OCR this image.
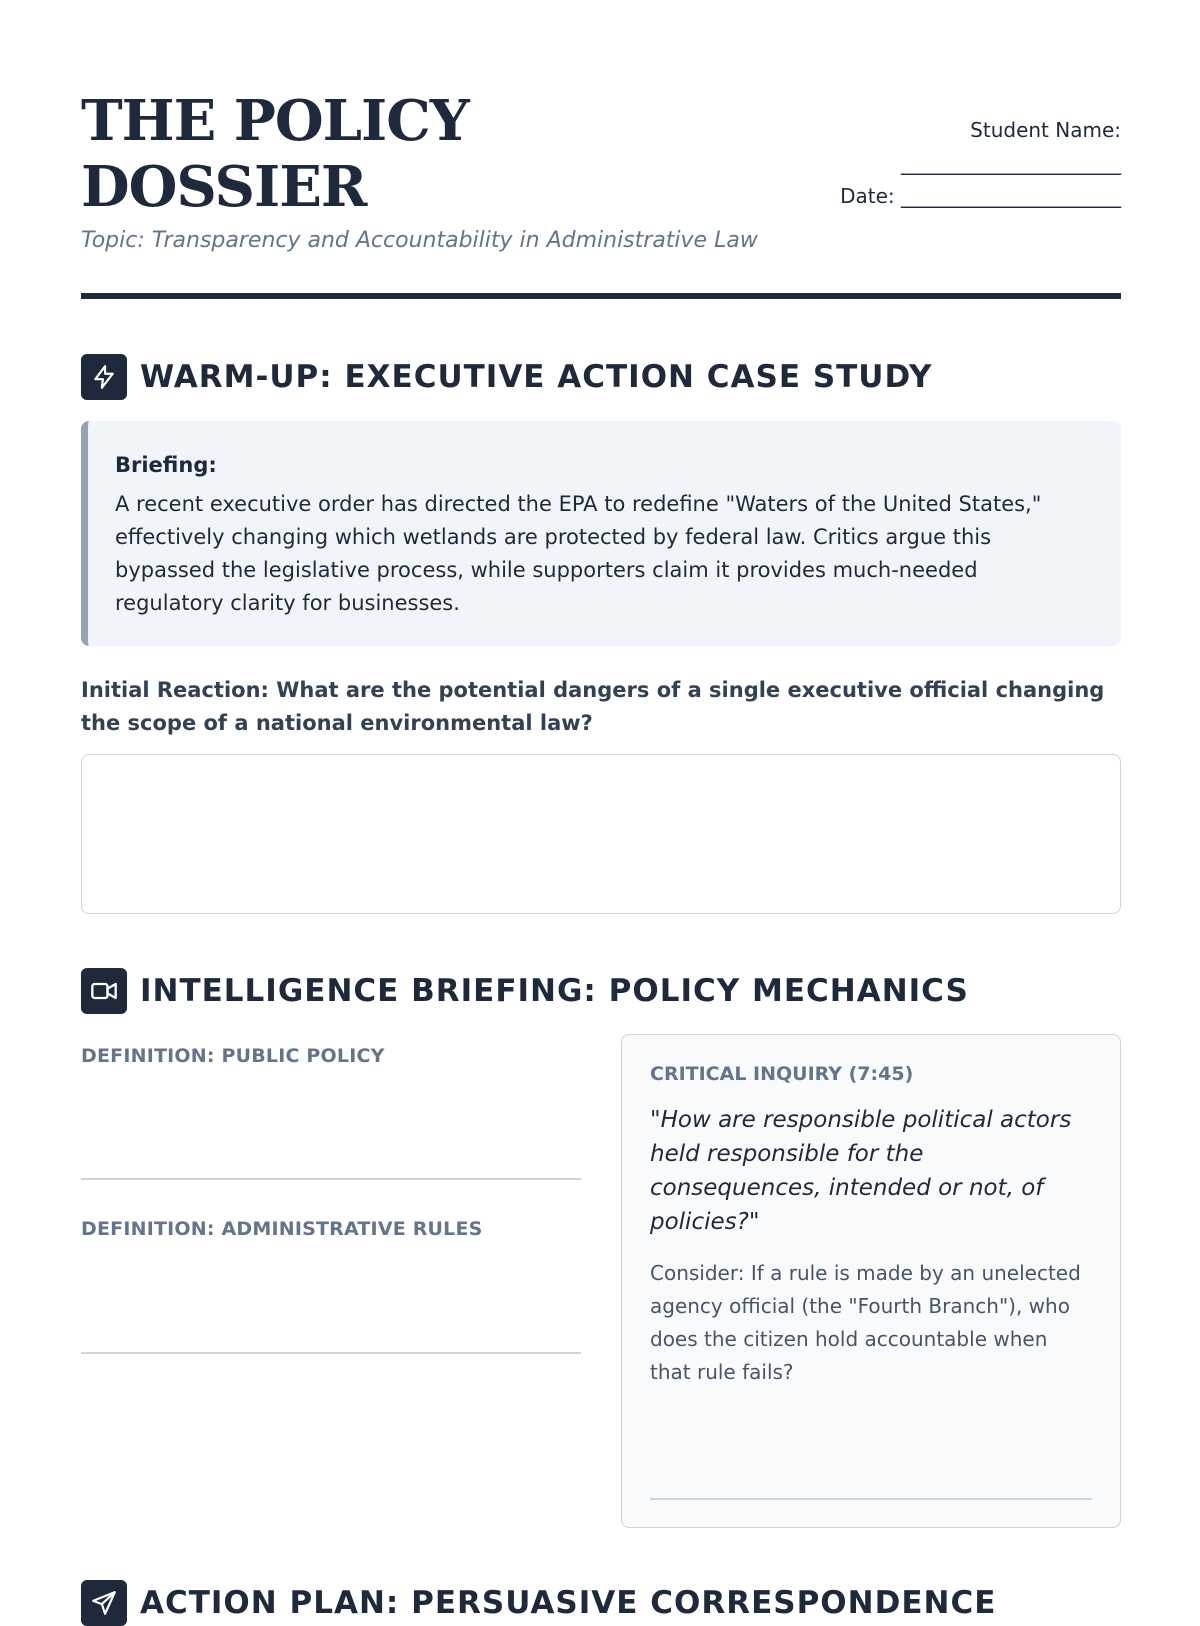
THE POLICY DOSSIER
Student Name: ______________________
Date: ______________________
Topic: Transparency and Accountability in Administrative Law
WARM-UP: EXECUTIVE ACTION CASE STUDY
Briefing:
A recent executive order has directed the EPA to redefine "Waters of the United States," effectively changing which wetlands are protected by federal law. Critics argue this bypassed the legislative process, while supporters claim it provides much-needed regulatory clarity for businesses.
Initial Reaction: What are the potential dangers of a single executive official changing the scope of a national environmental law?
INTELLIGENCE BRIEFING: POLICY MECHANICS
DEFINITION: PUBLIC POLICY
DEFINITION: ADMINISTRATIVE RULES
CRITICAL INQUIRY (7:45)
"How are responsible political actors held responsible for the consequences, intended or not, of policies?"
Consider: If a rule is made by an unelected agency official (the "Fourth Branch"), who does the citizen hold accountable when that rule fails?
ACTION PLAN: PERSUASIVE CORRESPONDENCE
